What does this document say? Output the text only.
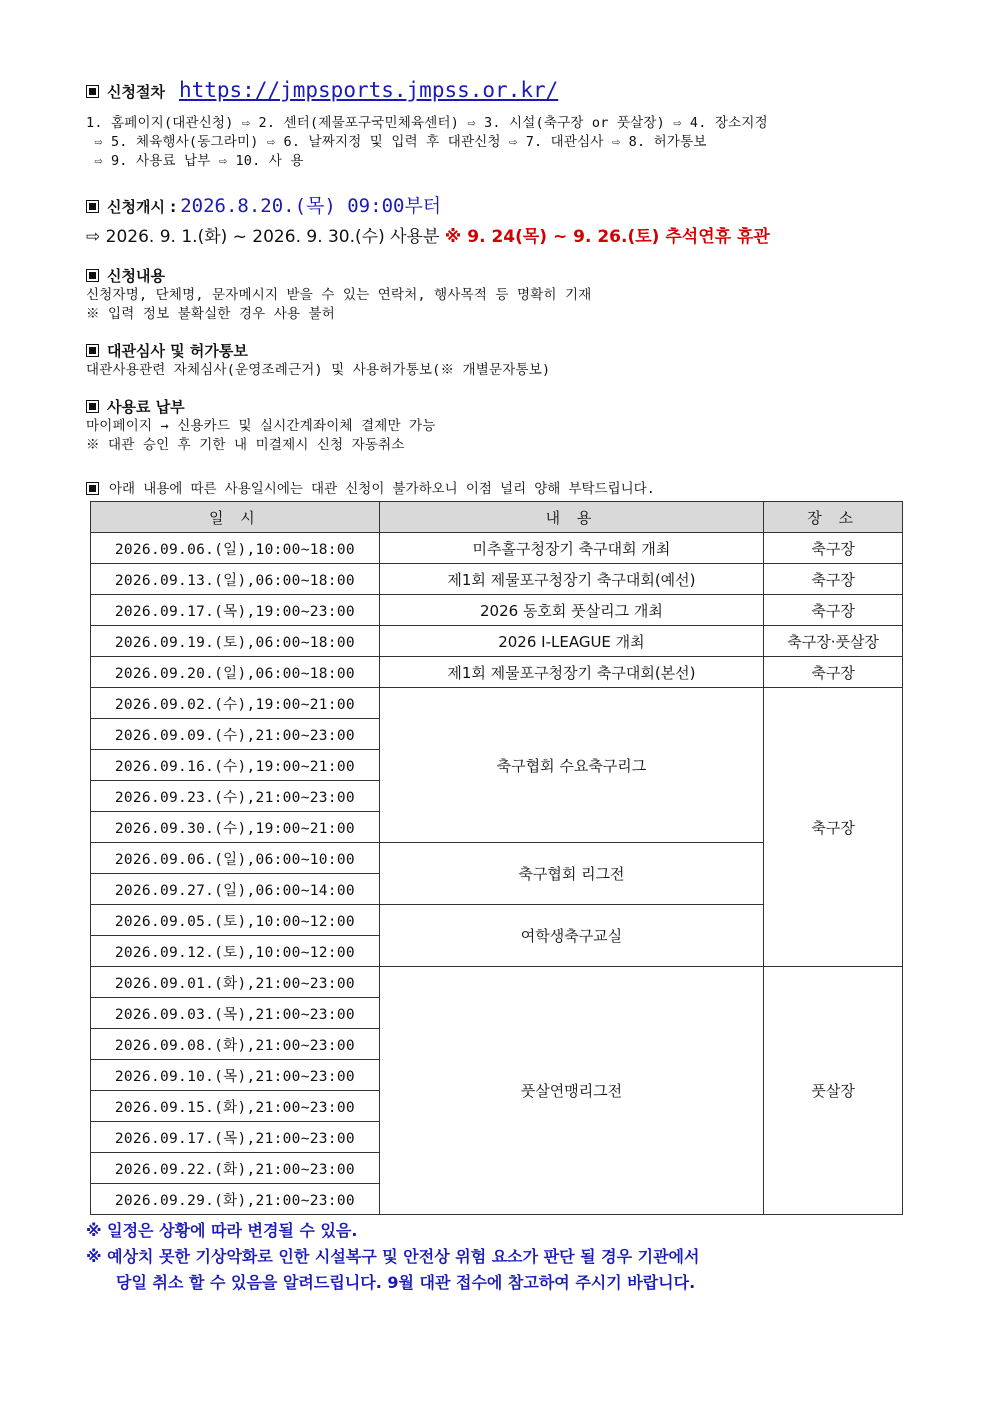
신청절차 https://jmpsports.jmpss.or.kr/
1. 홈페이지(대관신청) ⇨ 2. 센터(제물포구국민체육센터) ⇨ 3. 시설(축구장 or 풋살장) ⇨ 4. 장소지정
⇨ 5. 체육행사(동그라미) ⇨ 6. 날짜지정 및 입력 후 대관신청 ⇨ 7. 대관심사 ⇨ 8. 허가통보
⇨ 9. 사용료 납부 ⇨ 10. 사 용
신청개시 : 2026.8.20.(목) 09:00부터
⇨ 2026. 9. 1.(화) ~ 2026. 9. 30.(수) 사용분 ※ 9. 24(목) ~ 9. 26.(토) 추석연휴 휴관
신청내용
신청자명, 단체명, 문자메시지 받을 수 있는 연락처, 행사목적 등 명확히 기재
※ 입력 정보 불확실한 경우 사용 불허
대관심사 및 허가통보
대관사용관련 자체심사(운영조례근거) 및 사용허가통보(※ 개별문자통보)
사용료 납부
마이페이지 → 신용카드 및 실시간계좌이체 결제만 가능
※ 대관 승인 후 기한 내 미결제시 신청 자동취소
아래 내용에 따른 사용일시에는 대관 신청이 불가하오니 이점 널리 양해 부탁드립니다.
일 시	내 용	장 소
2026.09.06.(일),10:00~18:00	미추홀구청장기 축구대회 개최	축구장
2026.09.13.(일),06:00~18:00	제1회 제물포구청장기 축구대회(예선)	축구장
2026.09.17.(목),19:00~23:00	2026 동호회 풋살리그 개최	축구장
2026.09.19.(토),06:00~18:00	2026 I-LEAGUE 개최	축구장·풋살장
2026.09.20.(일),06:00~18:00	제1회 제물포구청장기 축구대회(본선)	축구장
2026.09.02.(수),19:00~21:00	축구협회 수요축구리그	축구장
2026.09.09.(수),21:00~23:00		
2026.09.16.(수),19:00~21:00		
2026.09.23.(수),21:00~23:00		
2026.09.30.(수),19:00~21:00		
2026.09.06.(일),06:00~10:00	축구협회 리그전	
2026.09.27.(일),06:00~14:00		
2026.09.05.(토),10:00~12:00	여학생축구교실	
2026.09.12.(토),10:00~12:00		
2026.09.01.(화),21:00~23:00	풋살연맹리그전	풋살장
2026.09.03.(목),21:00~23:00		
2026.09.08.(화),21:00~23:00		
2026.09.10.(목),21:00~23:00		
2026.09.15.(화),21:00~23:00		
2026.09.17.(목),21:00~23:00		
2026.09.22.(화),21:00~23:00		
2026.09.29.(화),21:00~23:00		
※ 일정은 상황에 따라 변경될 수 있음.
※ 예상치 못한 기상악화로 인한 시설복구 및 안전상 위험 요소가 판단 될 경우 기관에서
당일 취소 할 수 있음을 알려드립니다. 9월 대관 접수에 참고하여 주시기 바랍니다.
